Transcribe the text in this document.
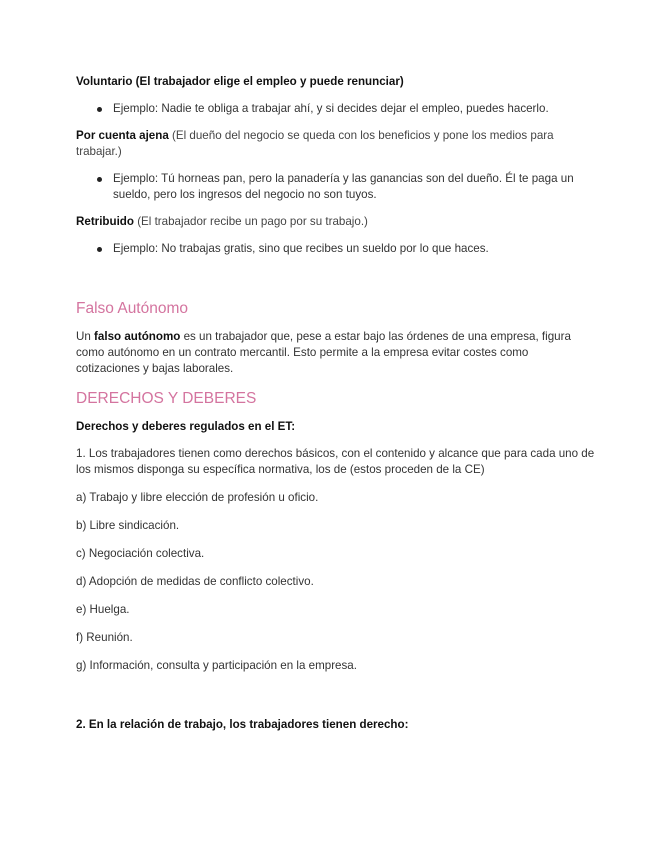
Voluntario (El trabajador elige el empleo y puede renunciar)

Ejemplo: Nadie te obliga a trabajar ahí, y si decides dejar el empleo, puedes hacerlo.

Por cuenta ajena (El dueño del negocio se queda con los beneficios y pone los medios para trabajar.)

Ejemplo: Tú horneas pan, pero la panadería y las ganancias son del dueño. Él te paga un sueldo, pero los ingresos del negocio no son tuyos.

Retribuido (El trabajador recibe un pago por su trabajo.)

Ejemplo: No trabajas gratis, sino que recibes un sueldo por lo que haces.
Falso Autónomo

Un falso autónomo es un trabajador que, pese a estar bajo las órdenes de una empresa, figura como autónomo en un contrato mercantil. Esto permite a la empresa evitar costes como cotizaciones y bajas laborales.

DERECHOS Y DEBERES

Derechos y deberes regulados en el ET:

1. Los trabajadores tienen como derechos básicos, con el contenido y alcance que para cada uno de los mismos disponga su específica normativa, los de (estos proceden de la CE)

a) Trabajo y libre elección de profesión u oficio.

b) Libre sindicación.

c) Negociación colectiva.

d) Adopción de medidas de conflicto colectivo.

e) Huelga.

f) Reunión.

g) Información, consulta y participación en la empresa.

2. En la relación de trabajo, los trabajadores tienen derecho:
